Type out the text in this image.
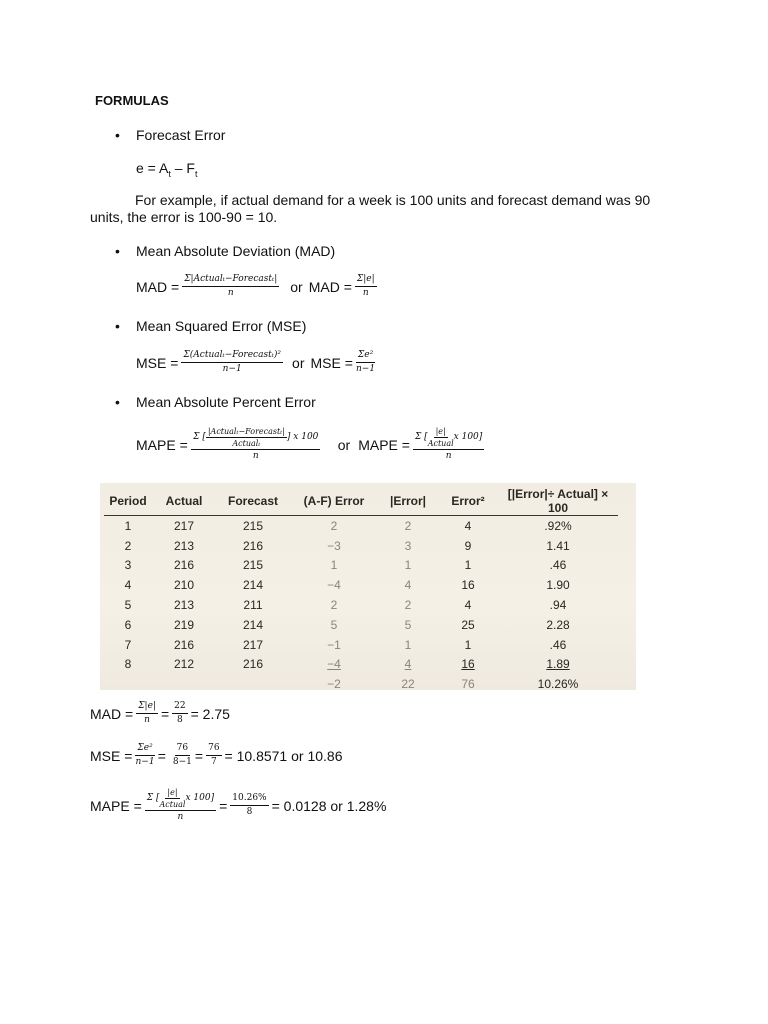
FORMULAS
• Forecast Error
$e = A_t - F_t$
For example, if actual demand for a week is 100 units and forecast demand was 90 units, the error is 100-90 = 10.
• Mean Absolute Deviation (MAD)
MAD = $\frac{\text{Σ|Actualₜ−Forecastₜ|}}{n}$ or MAD = $\frac{\Sigma|e|}{n}$
• Mean Squared Error (MSE)
MSE = $\frac{\text{Σ(Actualₜ−Forecastₜ)²}}{n-1}$ or MSE = $\frac{\text{Σe²}}{n-1}$
• Mean Absolute Percent Error
MAPE = Σ [ $\frac{\text{|Actualₜ−Forecastₜ|}}{\text{Actualₜ}}$ ] x 100
n
or MAPE = $\frac{\Sigma [ \frac{|e|}{\text{Actual}} x 100]}{n}$
Period	Actual	Forecast	(A-F) Error	|Error|	Error²	[|Error|÷ Actual] × 100
1	217	215	2	2	4	.92%
2	213	216	−3	3	9	1.41
3	216	215	1	1	1	.46
4	210	214	−4	4	16	1.90
5	213	211	2	2	4	.94
6	219	214	5	5	25	2.28
7	216	217	−1	1	1	.46
8	212	216	−4	4	16	1.89
			−2	22	76	10.26%
MAD = $\frac{\Sigma|e|}{n} = \frac{22}{8} = 2.75$
MSE = $\frac{\text{Σe²}}{n-1} = \frac{76}{8-1} = \frac{76}{7} = 10.8571$ or 10.86
MAPE = $\frac{\Sigma [ \frac{|e|}{\text{Actual}} x 100]}{n} = \frac{10.26\%}{8} = 0.0128$ or 1.28%
